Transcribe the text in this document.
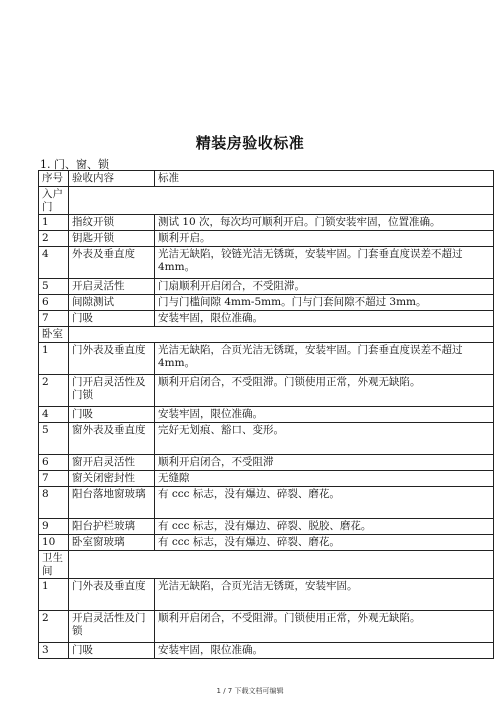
精装房验收标准
1. 门、窗、锁
序号	验收内容	标准
入户门		
1	指纹开锁	测试 10 次，每次均可顺利开启。门锁安装牢固，位置准确。
2	钥匙开锁	顺利开启。
4	外表及垂直度	光洁无缺陷，铰链光洁无锈斑，安装牢固。门套垂直度误差不超过 4mm。
5	开启灵活性	门扇顺利开启闭合，不受阻滞。
6	间隙测试	门与门槛间隙 4mm-5mm。门与门套间隙不超过 3mm。
7	门吸	安装牢固，限位准确。
卧室		
1	门外表及垂直度	光洁无缺陷，合页光洁无锈斑，安装牢固。门套垂直度误差不超过 4mm。
2	门开启灵活性及门锁	顺利开启闭合，不受阻滞。门锁使用正常，外观无缺陷。
4	门吸	安装牢固，限位准确。
5	窗外表及垂直度	完好无划痕、豁口、变形。
6	窗开启灵活性	顺利开启闭合，不受阻滞
7	窗关闭密封性	无缝隙
8	阳台落地窗玻璃	有 ccc 标志，没有爆边、碎裂、磨花。
9	阳台护栏玻璃	有 ccc 标志，没有爆边、碎裂、脱胶、磨花。
10	卧室窗玻璃	有 ccc 标志，没有爆边、碎裂、磨花。
卫生间		
1	门外表及垂直度	光洁无缺陷，合页光洁无锈斑，安装牢固。
2	开启灵活性及门锁	顺利开启闭合，不受阻滞。门锁使用正常，外观无缺陷。
3	门吸	安装牢固，限位准确。
1 / 7 下载文档可编辑
